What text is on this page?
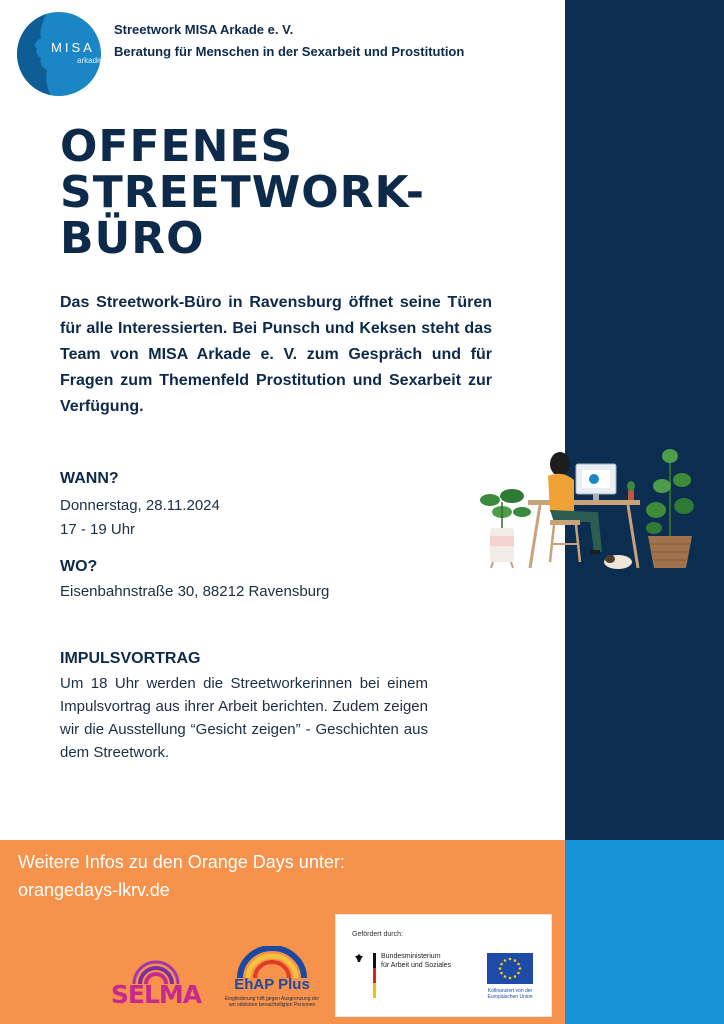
MISA
arkade
Streetwork MISA Arkade e. V.
Beratung für Menschen in der Sexarbeit und Prostitution
OFFENES
STREETWORK-
BÜRO

Das Streetwork-Büro in Ravensburg öffnet seine Türen für alle Interessierten. Bei Punsch und Keksen steht das Team von MISA Arkade e. V. zum Gespräch und für Fragen zum Themenfeld Prostitution und Sexarbeit zur Verfügung.

WANN?
Donnerstag, 28.11.2024
17 - 19 Uhr
WO?
Eisenbahnstraße 30, 88212 Ravensburg
IMPULSVORTRAG

Um 18 Uhr werden die Streetworkerinnen bei einem Impulsvortrag aus ihrer Arbeit berichten. Zudem zeigen wir die Ausstellung “Gesicht zeigen” - Geschichten aus dem Streetwork.

Weitere Infos zu den Orange Days unter:
orangedays-lkrv.de
SELMA	EhAP Plus
Eingliederung hilft gegen Ausgrenzung der am stärksten benachteiligten Personen
Gefördert durch:
Bundesministerium
für Arbeit und Soziales
Kofinanziert von der
Europäischen Union
